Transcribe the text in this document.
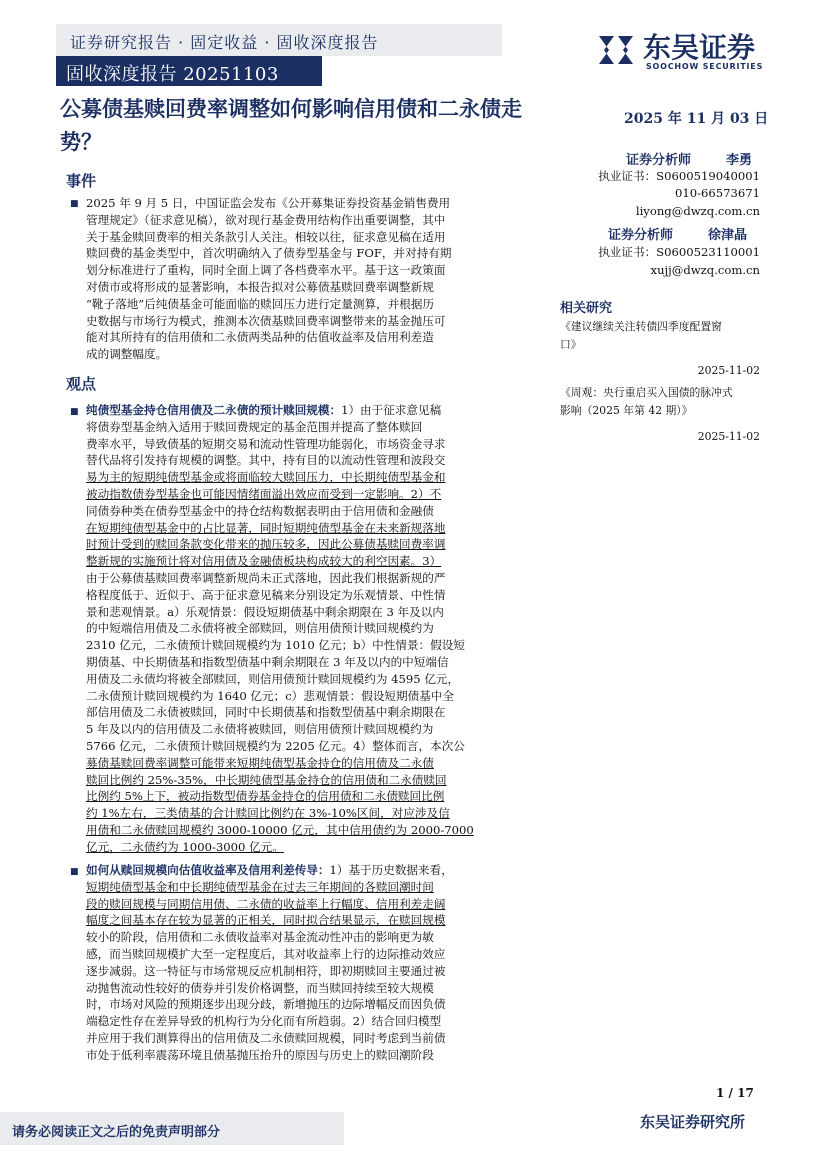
证券研究报告 · 固定收益 · 固收深度报告
固收深度报告 20251103
东吴证券
SOOCHOW SECURITIES
公募债基赎回费率调整如何影响信用债和二永债走势？
2025 年 11 月 03 日
证券分析师	李勇
执业证书：S0600519040001
010-66573671
liyong@dwzq.com.cn
证券分析师	徐津晶
执业证书：S0600523110001
xujj@dwzq.com.cn
相关研究
《建议继续关注转债四季度配置窗
口》
2025-11-02
《周观：央行重启买入国债的脉冲式
影响（2025 年第 42 期）》
2025-11-02
事件
■ 2025 年 9 月 5 日，中国证监会发布《公开募集证券投资基金销售费用
管理规定》（征求意见稿），欲对现行基金费用结构作出重要调整，其中
关于基金赎回费率的相关条款引人关注。相较以往，征求意见稿在适用
赎回费的基金类型中，首次明确纳入了债券型基金与 FOF，并对持有期
划分标准进行了重构，同时全面上调了各档费率水平。基于这一政策面
对债市或将形成的显著影响，本报告拟对公募债基赎回费率调整新规
“靴子落地”后纯债基金可能面临的赎回压力进行定量测算，并根据历
史数据与市场行为模式，推测本次债基赎回费率调整带来的基金抛压可
能对其所持有的信用债和二永债两类品种的估值收益率及信用利差造
成的调整幅度。
观点
■ 纯债型基金持仓信用债及二永债的预计赎回规模：1）由于征求意见稿
将债券型基金纳入适用于赎回费规定的基金范围并提高了整体赎回
费率水平，导致债基的短期交易和流动性管理功能弱化，市场资金寻求
替代品将引发持有规模的调整。其中，持有目的以流动性管理和波段交
易为主的短期纯债型基金或将面临较大赎回压力，中长期纯债型基金和
被动指数债券型基金也可能因情绪面溢出效应而受到一定影响。2）不
同债券种类在债券型基金中的持仓结构数据表明由于信用债和金融债
在短期纯债型基金中的占比显著，同时短期纯债型基金在未来新规落地
时预计受到的赎回条款变化带来的抛压较多，因此公募债基赎回费率调
整新规的实施预计将对信用债及金融债板块构成较大的利空因素。3）
由于公募债基赎回费率调整新规尚未正式落地，因此我们根据新规的严
格程度低于、近似于、高于征求意见稿来分别设定为乐观情景、中性情
景和悲观情景。a）乐观情景：假设短期债基中剩余期限在 3 年及以内
的中短端信用债及二永债将被全部赎回，则信用债预计赎回规模约为
2310 亿元，二永债预计赎回规模约为 1010 亿元；b）中性情景：假设短
期债基、中长期债基和指数型债基中剩余期限在 3 年及以内的中短端信
用债及二永债均将被全部赎回，则信用债预计赎回规模约为 4595 亿元，
二永债预计赎回规模约为 1640 亿元；c）悲观情景：假设短期债基中全
部信用债及二永债被赎回，同时中长期债基和指数型债基中剩余期限在
5 年及以内的信用债及二永债将被赎回，则信用债预计赎回规模约为
5766 亿元，二永债预计赎回规模约为 2205 亿元。4）整体而言，本次公
募债基赎回费率调整可能带来短期纯债型基金持仓的信用债及二永债
赎回比例约 25%-35%，中长期纯债型基金持仓的信用债和二永债赎回
比例约 5%上下，被动指数型债券基金持仓的信用债和二永债赎回比例
约 1%左右，三类债基的合计赎回比例约在 3%-10%区间，对应涉及信
用债和二永债赎回规模约 3000-10000 亿元，其中信用债约为 2000-7000
亿元，二永债约为 1000-3000 亿元。
■ 如何从赎回规模向估值收益率及信用利差传导：1）基于历史数据来看，
短期纯债型基金和中长期纯债型基金在过去三年期间的各赎回潮时间
段的赎回规模与同期信用债、二永债的收益率上行幅度、信用利差走阔
幅度之间基本存在较为显著的正相关，同时拟合结果显示，在赎回规模
较小的阶段，信用债和二永债收益率对基金流动性冲击的影响更为敏
感，而当赎回规模扩大至一定程度后，其对收益率上行的边际推动效应
逐步减弱。这一特征与市场常规反应机制相符，即初期赎回主要通过被
动抛售流动性较好的债券并引发价格调整，而当赎回持续至较大规模
时，市场对风险的预期逐步出现分歧，新增抛压的边际增幅反而因负债
端稳定性存在差异导致的机构行为分化而有所趋弱。2）结合回归模型
并应用于我们测算得出的信用债及二永债赎回规模，同时考虑到当前债
市处于低利率震荡环境且债基抛压抬升的原因与历史上的赎回潮阶段
1 / 17
请务必阅读正文之后的免责声明部分
东吴证券研究所
